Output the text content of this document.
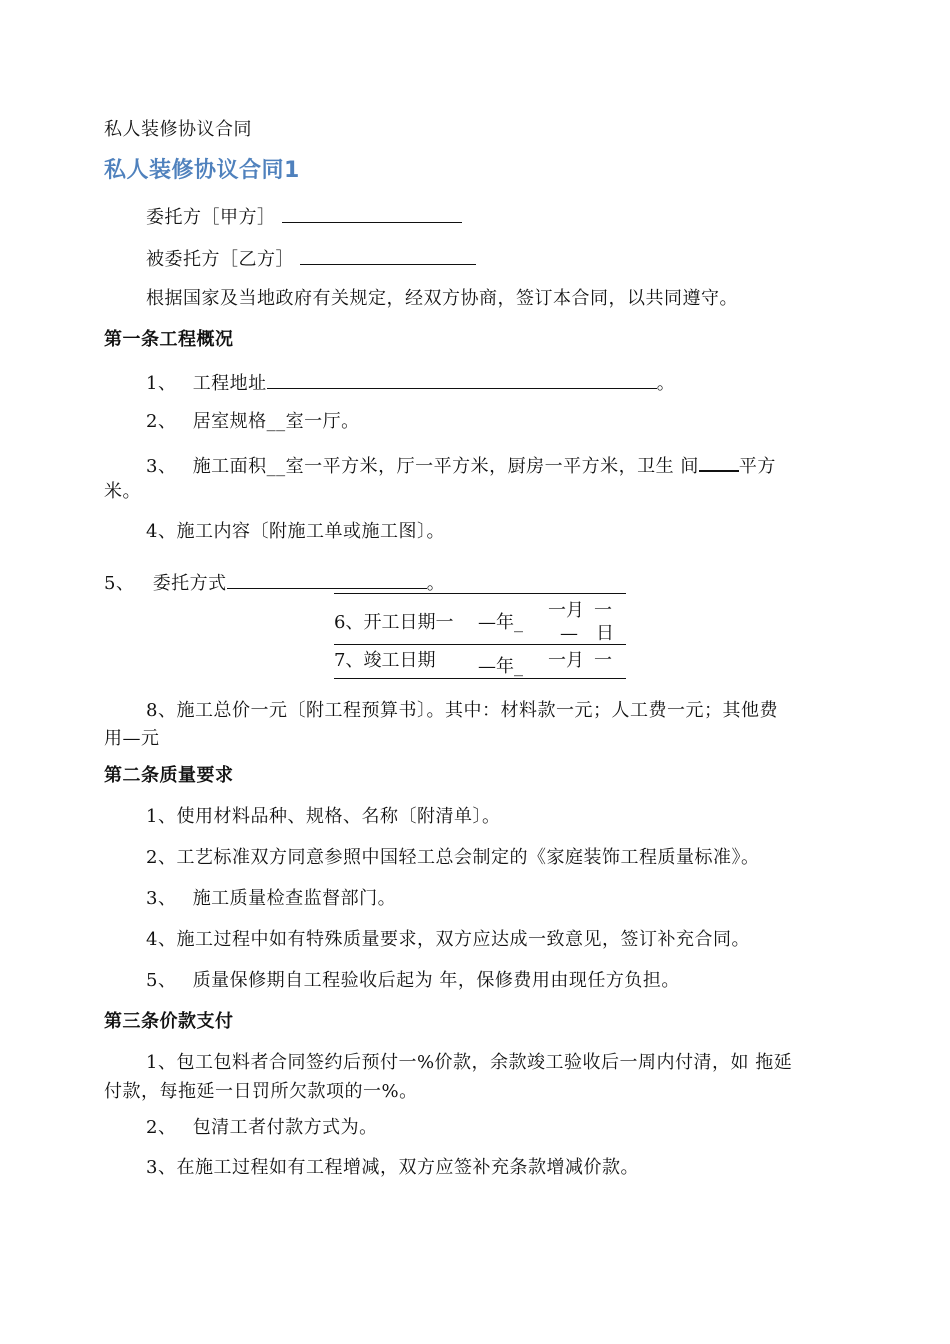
私人装修协议合同
私人装修协议合同1
委托方［甲方］
被委托方［乙方］
根据国家及当地政府有关规定，经双方协商，签订本合同，以共同遵守。
第一条工程概况
1、 工程地址	。
2、 居室规格__室一厅。
3、 施工面积__室一平方米，厅一平方米，厨房一平方米，卫生 间 平方
米。
4、施工内容〔附施工单或施工图〕。
5、 委托方式	。
6、开工日期一 —年_
一月 一
— 日
7、竣工日期 —年_ 一月 一
8、施工总价一元〔附工程预算书〕。其中：材料款一元；人工费一元；其他费
用—元
第二条质量要求
1、使用材料品种、规格、名称〔附清单〕。
2、工艺标准双方同意参照中国轻工总会制定的《家庭装饰工程质量标准》。
3、 施工质量检查监督部门。
4、施工过程中如有特殊质量要求，双方应达成一致意见，签订补充合同。
5、 质量保修期自工程验收后起为 年，保修费用由现任方负担。
第三条价款支付
1、包工包料者合同签约后预付一%价款，余款竣工验收后一周内付清，如 拖延
付款，每拖延一日罚所欠款项的一%。
2、 包清工者付款方式为。
3、在施工过程如有工程增减，双方应签补充条款增减价款。
